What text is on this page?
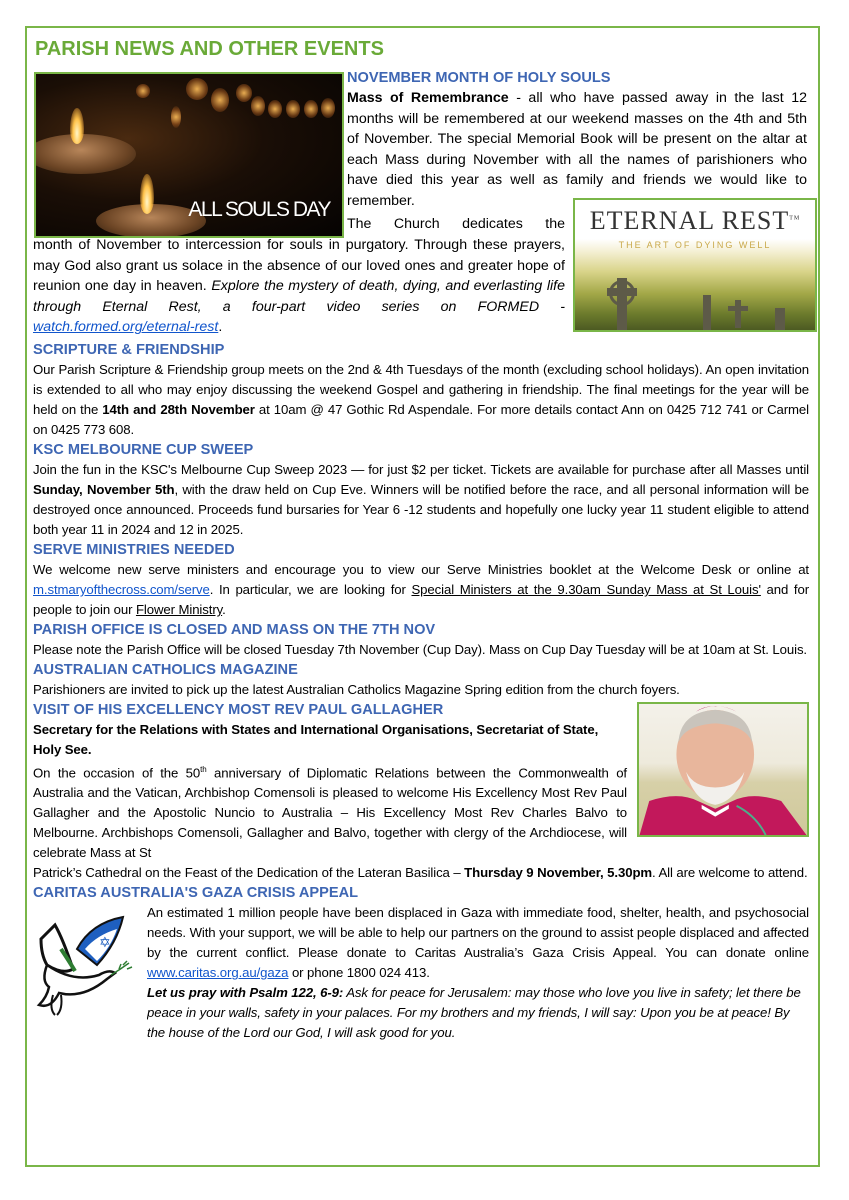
PARISH NEWS AND OTHER EVENTS
ALL SOULS DAY	ETERNAL REST™
THE ART OF DYING WELL
NOVEMBER MONTH OF HOLY SOULS

Mass of Remembrance - all who have passed away in the last 12 months will be remembered at our weekend masses on the 4th and 5th of November. The special Memorial Book will be present on the altar at each Mass during November with all the names of parishioners who have died this year as well as family and friends we would like to remember.

The Church dedicates the

month of November to intercession for souls in purgatory. Through these prayers, may God also grant us solace in the absence of our loved ones and greater hope of reunion one day in heaven. Explore the mystery of death, dying, and everlasting life through Eternal Rest, a four-part video series on FORMED - watch.formed.org/eternal-rest.

SCRIPTURE & FRIENDSHIP

Our Parish Scripture & Friendship group meets on the 2nd & 4th Tuesdays of the month (excluding school holidays). An open invitation is extended to all who may enjoy discussing the weekend Gospel and gathering in friendship. The final meetings for the year will be held on the 14th and 28th November at 10am @ 47 Gothic Rd Aspendale. For more details contact Ann on 0425 712 741 or Carmel on 0425 773 608.

KSC MELBOURNE CUP SWEEP

Join the fun in the KSC's Melbourne Cup Sweep 2023 — for just $2 per ticket. Tickets are available for purchase after all Masses until Sunday, November 5th, with the draw held on Cup Eve. Winners will be notified before the race, and all personal information will be destroyed once announced. Proceeds fund bursaries for Year 6 -12 students and hopefully one lucky year 11 student eligible to attend both year 11 in 2024 and 12 in 2025.

SERVE MINISTRIES NEEDED

We welcome new serve ministers and encourage you to view our Serve Ministries booklet at the Welcome Desk or online at m.stmaryofthecross.com/serve. In particular, we are looking for Special Ministers at the 9.30am Sunday Mass at St Louis' and for people to join our Flower Ministry.

PARISH OFFICE IS CLOSED AND MASS ON THE 7TH NOV

Please note the Parish Office will be closed Tuesday 7th November (Cup Day). Mass on Cup Day Tuesday will be at 10am at St. Louis.

AUSTRALIAN CATHOLICS MAGAZINE

Parishioners are invited to pick up the latest Australian Catholics Magazine Spring edition from the church foyers.

VISIT OF HIS EXCELLENCY MOST REV PAUL GALLAGHER

Secretary for the Relations with States and International Organisations, Secretariat of State, Holy See.

On the occasion of the 50th anniversary of Diplomatic Relations between the Commonwealth of Australia and the Vatican, Archbishop Comensoli is pleased to welcome His Excellency Most Rev Paul Gallagher and the Apostolic Nuncio to Australia – His Excellency Most Rev Charles Balvo to Melbourne. Archbishops Comensoli, Gallagher and Balvo, together with clergy of the Archdiocese, will celebrate Mass at St

Patrick’s Cathedral on the Feast of the Dedication of the Lateran Basilica – Thursday 9 November, 5.30pm. All are welcome to attend.

CARITAS AUSTRALIA'S GAZA CRISIS APPEAL
✡

An estimated 1 million people have been displaced in Gaza with immediate food, shelter, health, and psychosocial needs. With your support, we will be able to help our partners on the ground to assist people displaced and affected by the current conflict. Please donate to Caritas Australia’s Gaza Crisis Appeal. You can donate online www.caritas.org.au/gaza or phone 1800 024 413.

Let us pray with Psalm 122, 6-9: Ask for peace for Jerusalem: may those who love you live in safety; let there be peace in your walls, safety in your palaces. For my brothers and my friends, I will say: Upon you be at peace! By the house of the Lord our God, I will ask good for you.
